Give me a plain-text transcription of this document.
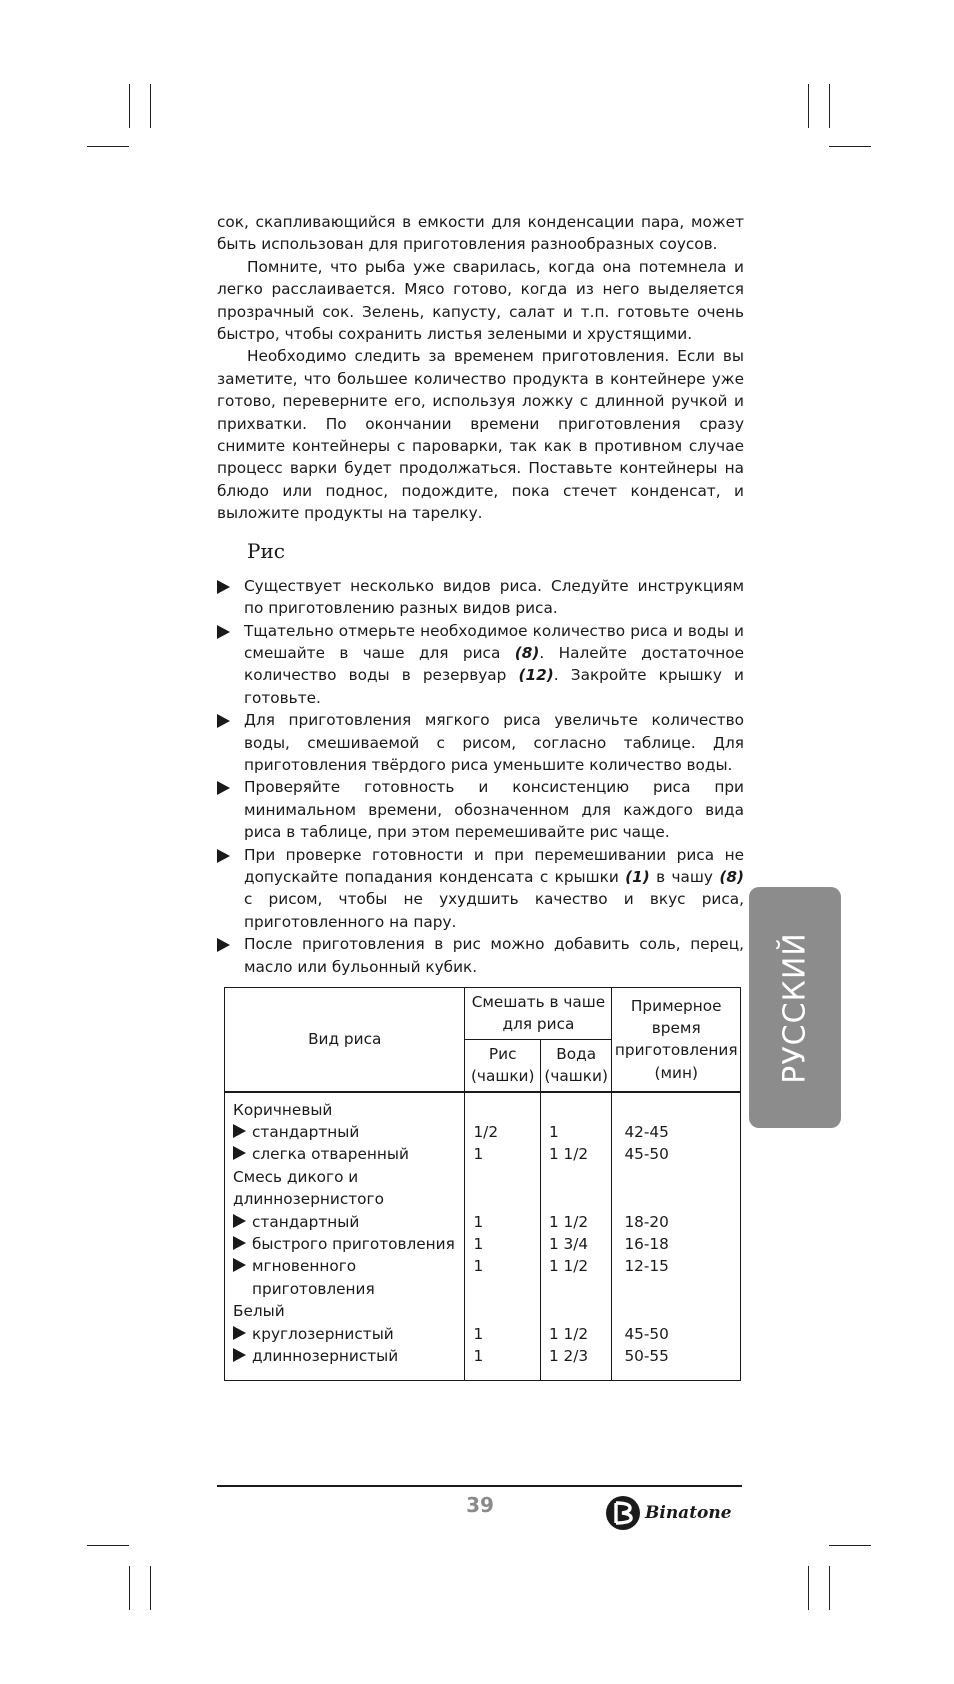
сок, скапливающийся в емкости для конденсации пара, может быть использован для приготовления разнообразных соусов.

Помните, что рыба уже сварилась, когда она потемнела и легко расслаивается. Мясо готово, когда из него выделяется прозрачный сок. Зелень, капусту, салат и т.п. готовьте очень быстро, чтобы сохранить листья зелеными и хрустящими.

Необходимо следить за временем приготовления. Если вы заметите, что большее количество продукта в контейнере уже готово, переверните его, используя ложку с длинной ручкой и прихватки. По окончании времени приготовления сразу снимите контейнеры с пароварки, так как в противном случае процесс варки будет продолжаться. Поставьте контейнеры на блюдо или поднос, подождите, пока стечет конденсат, и выложите продукты на тарелку.

Рис
Существует несколько видов риса. Следуйте инструкциям по приготовлению разных видов риса.
Тщательно отмерьте необходимое количество риса и воды и смешайте в чаше для риса (8). Налейте достаточное количество воды в резервуар (12). Закройте крышку и готовьте.
Для приготовления мягкого риса увеличьте количество воды, смешиваемой с рисом, согласно таблице. Для приготовления твёрдого риса уменьшите количество воды.
Проверяйте готовность и консистенцию риса при минимальном времени, обозначенном для каждого вида риса в таблице, при этом перемешивайте рис чаще.
При проверке готовности и при перемешивании риса не допускайте попадания конденсата с крышки (1) в чашу (8) с рисом, чтобы не ухудшить качество и вкус риса, приготовленного на пару.
После приготовления в рис можно добавить соль, перец, масло или бульонный кубик.
Вид риса	Смешать в чаше для риса		Примерное время приготовления (мин)
	Рис (чашки)	Вода (чашки)	
Коричневый			
стандартный	1/2	1	42-45
слегка отваренный	1	1 1/2	45-50
Смесь дикого и			
длиннозернистого			
стандартный	1	1 1/2	18-20
быстрого приготовления	1	1 3/4	16-18
мгновенного	1	1 1/2	12-15
приготовления			
Белый			
круглозернистый	1	1 1/2	45-50
длиннозернистый	1	1 2/3	50-55
РУССКИЙ
39	Binatone
